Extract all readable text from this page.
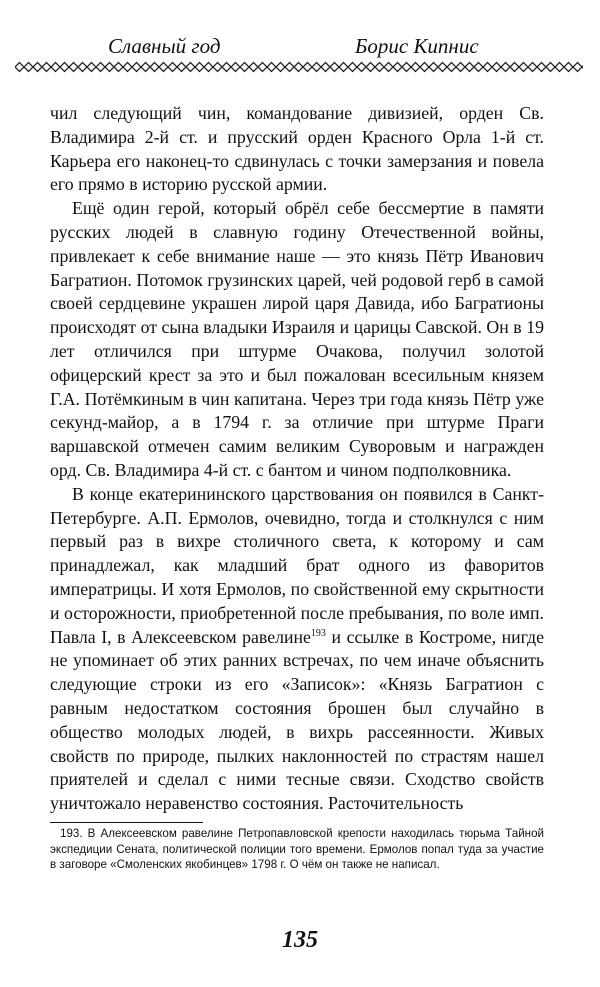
Славный год	Борис Кипнис

чил следующий чин, командование дивизией, орден Св. Владимира 2-й ст. и прусский орден Красного Орла 1-й ст. Карьера его наконец-то сдвинулась с точки замерзания и повела его прямо в историю русской армии.

Ещё один герой, который обрёл себе бессмертие в памяти русских людей в славную годину Отечественной войны, привлекает к себе внимание наше — это князь Пётр Иванович Багратион. Потомок грузинских царей, чей родовой герб в самой своей сердцевине украшен лирой царя Давида, ибо Багратионы происходят от сына владыки Израиля и царицы Савской. Он в 19 лет отличился при штурме Очакова, получил золотой офицерский крест за это и был пожалован всесильным князем Г.А. Потёмкиным в чин капитана. Через три года князь Пётр уже секунд-майор, а в 1794 г. за отличие при штурме Праги варшавской отмечен самим великим Суворовым и награжден орд. Св. Владимира 4-й ст. с бантом и чином подполковника.

В конце екатерининского царствования он появился в Санкт-Петербурге. А.П. Ермолов, очевидно, тогда и столкнулся с ним первый раз в вихре столичного света, к которому и сам принадлежал, как младший брат одного из фаворитов императрицы. И хотя Ермолов, по свойственной ему скрытности и осторожности, приобретенной после пребывания, по воле имп. Павла I, в Алексеевском равелине$^{193}$ и ссылке в Костроме, нигде не упоминает об этих ранних встречах, по чем иначе объяснить следующие строки из его «Записок»: «Князь Багратион с равным недостатком состояния брошен был случайно в общество молодых людей, в вихрь рассеянности. Живых свойств по природе, пылких наклонностей по страстям нашел приятелей и сделал с ними тесные связи. Сходство свойств уничтожало неравенство состояния. Расточительность

193. В Алексеевском равелине Петропавловской крепости находилась тюрьма Тайной экспедиции Сената, политической полиции того времени. Ермолов попал туда за участие в заговоре «Смоленских якобинцев» 1798 г. О чём он также не написал.

135
